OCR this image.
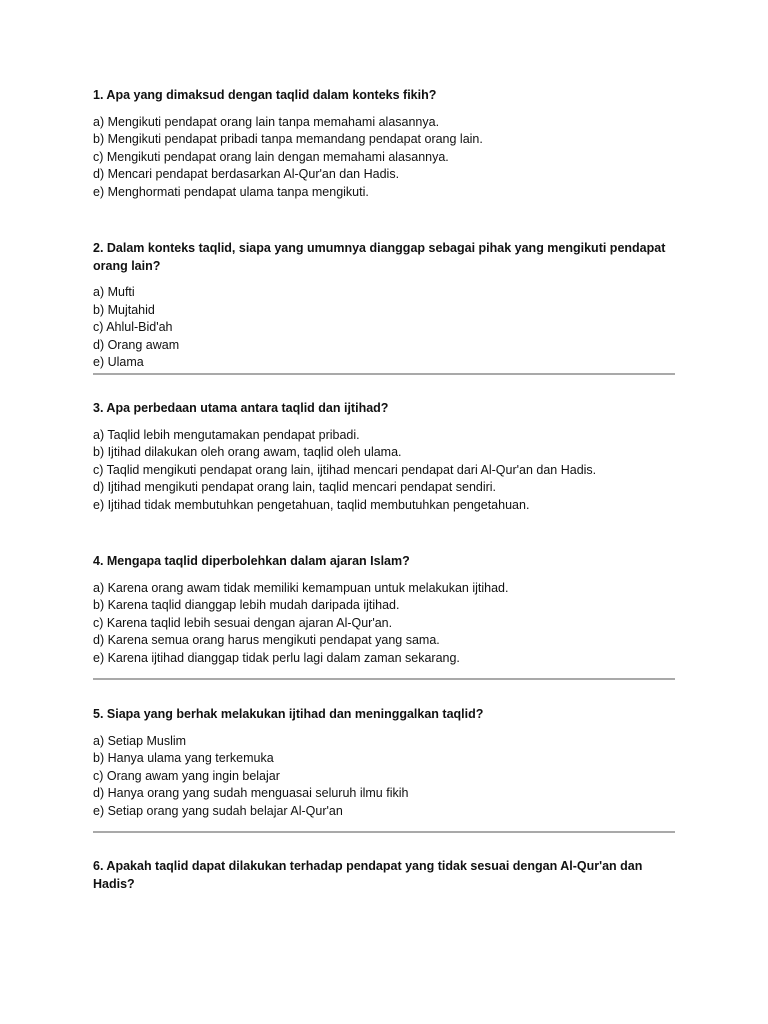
1. Apa yang dimaksud dengan taqlid dalam konteks fikih?

a) Mengikuti pendapat orang lain tanpa memahami alasannya.
b) Mengikuti pendapat pribadi tanpa memandang pendapat orang lain.
c) Mengikuti pendapat orang lain dengan memahami alasannya.
d) Mencari pendapat berdasarkan Al-Qur'an dan Hadis.
e) Menghormati pendapat ulama tanpa mengikuti.

2. Dalam konteks taqlid, siapa yang umumnya dianggap sebagai pihak yang mengikuti pendapat orang lain?

a) Mufti
b) Mujtahid
c) Ahlul-Bid'ah
d) Orang awam
e) Ulama

3. Apa perbedaan utama antara taqlid dan ijtihad?

a) Taqlid lebih mengutamakan pendapat pribadi.
b) Ijtihad dilakukan oleh orang awam, taqlid oleh ulama.
c) Taqlid mengikuti pendapat orang lain, ijtihad mencari pendapat dari Al-Qur'an dan Hadis.
d) Ijtihad mengikuti pendapat orang lain, taqlid mencari pendapat sendiri.
e) Ijtihad tidak membutuhkan pengetahuan, taqlid membutuhkan pengetahuan.

4. Mengapa taqlid diperbolehkan dalam ajaran Islam?

a) Karena orang awam tidak memiliki kemampuan untuk melakukan ijtihad.
b) Karena taqlid dianggap lebih mudah daripada ijtihad.
c) Karena taqlid lebih sesuai dengan ajaran Al-Qur'an.
d) Karena semua orang harus mengikuti pendapat yang sama.
e) Karena ijtihad dianggap tidak perlu lagi dalam zaman sekarang.

5. Siapa yang berhak melakukan ijtihad dan meninggalkan taqlid?

a) Setiap Muslim
b) Hanya ulama yang terkemuka
c) Orang awam yang ingin belajar
d) Hanya orang yang sudah menguasai seluruh ilmu fikih
e) Setiap orang yang sudah belajar Al-Qur'an

6. Apakah taqlid dapat dilakukan terhadap pendapat yang tidak sesuai dengan Al-Qur'an dan Hadis?
